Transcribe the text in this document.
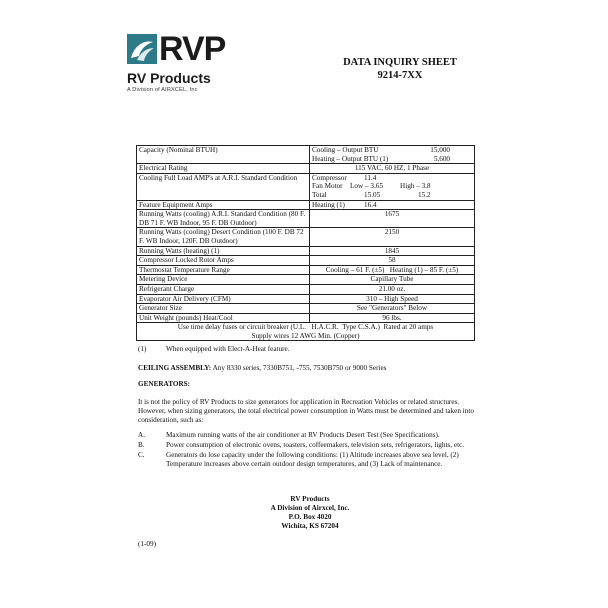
RVP
RV Products
A Division of AIRXCEL, Inc
DATA INQUIRY SHEET
9214-7XX
Capacity (Nominal BTUH)	Cooling – Output BTU 15,000
Heating – Output BTU (1) 5,600

Electrical Rating	115 VAC, 60 HZ, 1 Phase
Cooling Full Load AMP's at A.R.I. Standard Condition	Compressor 11.4
Fan Motor Low – 3.65 High – 3.8
Total 15.05 15.2

Feature Equipment Amps	Heating (1) 16.4
Running Watts (cooling) A.R.I. Standard Condition (80 F. DB 71 F. WB Indoor, 95 F. DB Outdoor)	1675
Running Watts (cooling) Desert Condition (100 F. DB 72 F. WB Indoor, 120F. DB Outdoor)	2150
Running Watts (heating) (1)	1845
Compressor Locked Rotor Amps	58
Thermostat Temperature Range	Cooling – 61 F. (±5)   Heating (1) – 85 F. (±5)
Metering Device	Capillary Tube
Refrigerant Charge	21.00 oz.
Evaporator Air Delivery (CFM)	310 – High Speed
Generator Size	See "Generators" Below
Unit Weight (pounds) Heat/Cool	96 lbs.

Use time delay fuses or circuit breaker (U.L.   H.A.C.R.  Type C.S.A.)  Rated at 20 amps
Supply wires 12 AWG Min. (Copper)	
(1)	When equipped with Elect-A-Heat feature.
CEILING ASSEMBLY: Any 8330 series, 7330B751, -755, 7530B750 or 9000 Series
GENERATORS:
It is not the policy of RV Products to size generators for application in Recreation Vehicles or related structures. However, when sizing generators, the total electrical power consumption in Watts must be determined and taken into consideration, such as:
A.	Maximum running watts of the air conditioner at RV Products Desert Test (See Specifications).
B.	Power consumption of electronic ovens, toasters, coffeemakers, television sets, refrigerators, lights, etc.
C.	Generators do lose capacity under the following conditions: (1) Altitude increases above sea level, (2) Temperature increases above certain outdoor design temperatures, and (3) Lack of maintenance.
RV Products
A Division of Airxcel, Inc.
P.O. Box 4020
Wichita, KS 67204
(1-09)
